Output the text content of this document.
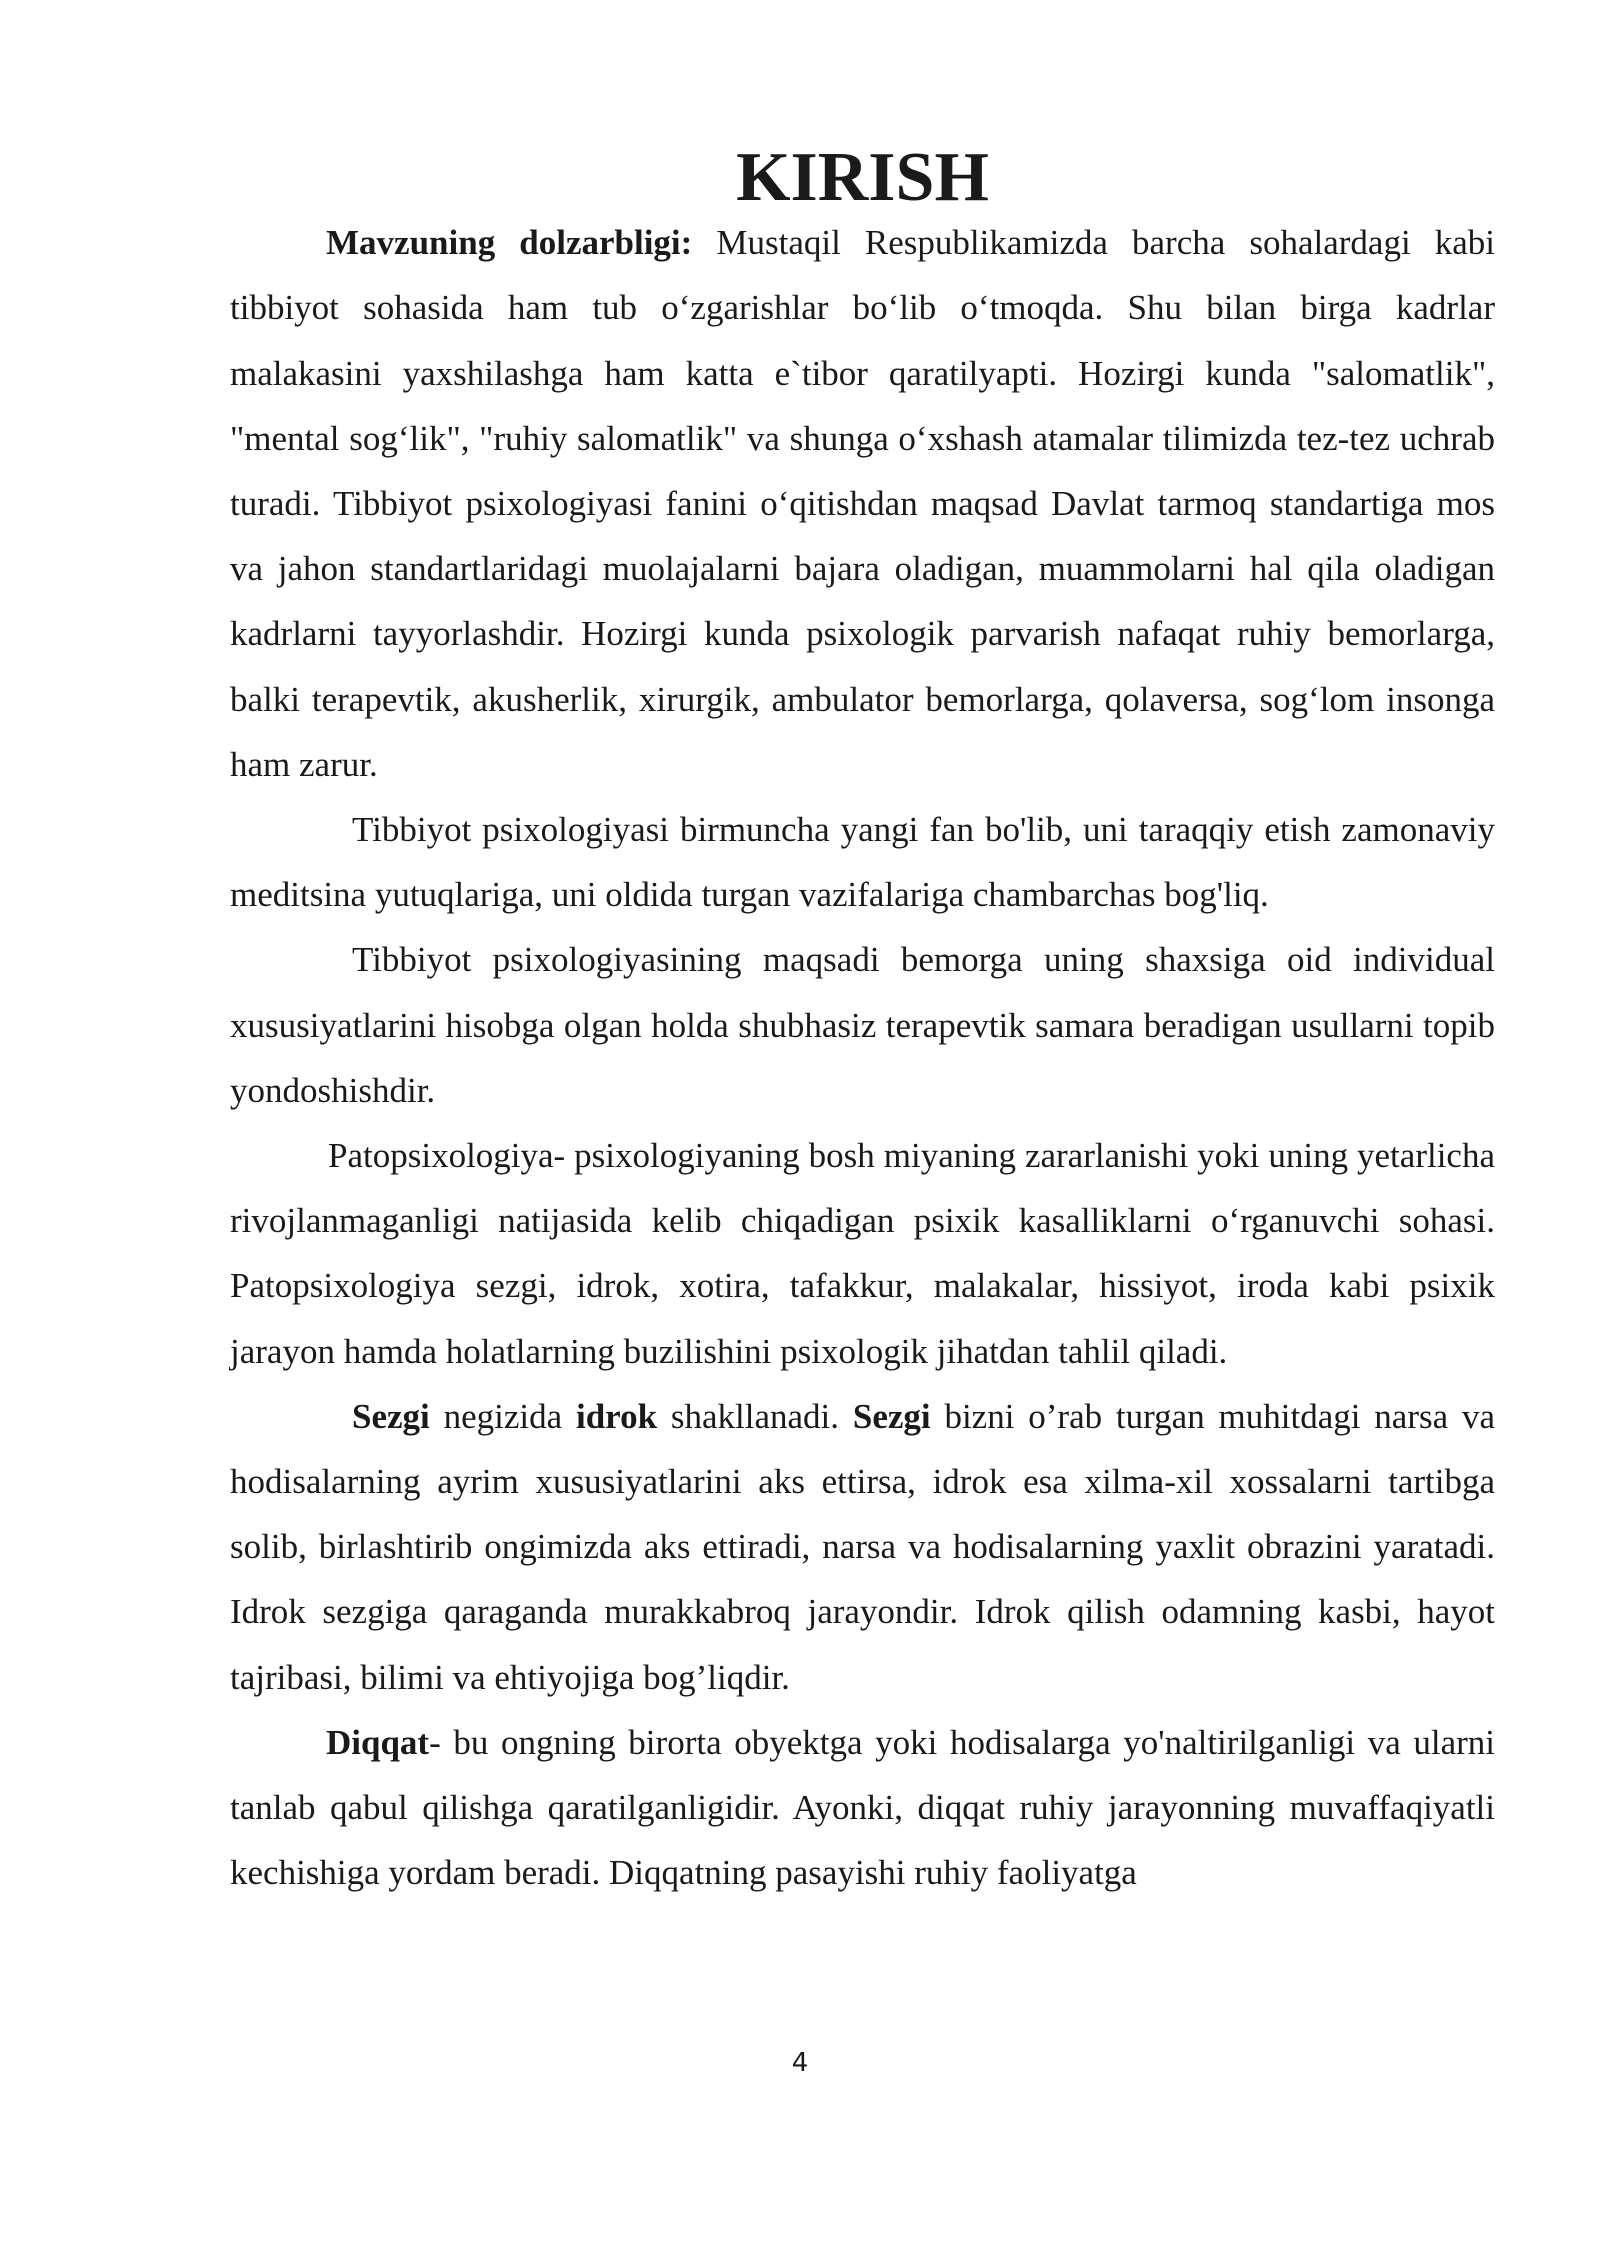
KIRISH

Mavzuning dolzarbligi: Mustaqil Respublikamizda barcha sohalardagi kabi tibbiyot sohasida ham tub o‘zgarishlar bo‘lib o‘tmoqda. Shu bilan birga kadrlar malakasini yaxshilashga ham katta e`tibor qaratilyapti. Hozirgi kunda "salomatlik", "mental sog‘lik", "ruhiy salomatlik" va shunga o‘xshash atamalar tilimizda tez-tez uchrab turadi. Tibbiyot psixologiyasi fanini o‘qitishdan maqsad Davlat tarmoq standartiga mos va jahon standartlaridagi muolajalarni bajara oladigan, muammolarni hal qila oladigan kadrlarni tayyorlashdir. Hozirgi kunda psixologik parvarish nafaqat ruhiy bemorlarga, balki terapevtik, akusherlik, xirurgik, ambulator bemorlarga, qolaversa, sog‘lom insonga ham zarur.

Tibbiyot psixologiyasi birmuncha yangi fan bo'lib, uni taraqqiy etish zamonaviy meditsina yutuqlariga, uni oldida turgan vazifalariga chambarchas bog'liq.

Tibbiyot psixologiyasining maqsadi bemorga uning shaxsiga oid individual xususiyatlarini hisobga olgan holda shubhasiz terapevtik samara beradigan usullarni topib yondoshishdir.

Patopsixologiya- psixologiyaning bosh miyaning zararlanishi yoki uning yetarlicha rivojlanmaganligi natijasida kelib chiqadigan psixik kasalliklarni o‘rganuvchi sohasi. Patopsixologiya sezgi, idrok, xotira, tafakkur, malakalar, hissiyot, iroda kabi psixik jarayon hamda holatlarning buzilishini psixologik jihatdan tahlil qiladi.

Sezgi negizida idrok shakllanadi. Sezgi bizni o’rab turgan muhitdagi narsa va hodisalarning ayrim xususiyatlarini aks ettirsa, idrok esa xilma-xil xossalarni tartibga solib, birlashtirib ongimizda aks ettiradi, narsa va hodisalarning yaxlit obrazini yaratadi. Idrok sezgiga qaraganda murakkabroq jarayondir. Idrok qilish odamning kasbi, hayot tajribasi, bilimi va ehtiyojiga bog’liqdir.

Diqqat- bu ongning birorta obyektga yoki hodisalarga yo'naltirilganligi va ularni tanlab qabul qilishga qaratilganligidir. Ayonki, diqqat ruhiy jarayonning muvaffaqiyatli kechishiga yordam beradi. Diqqatning pasayishi ruhiy faoliyatga

4
